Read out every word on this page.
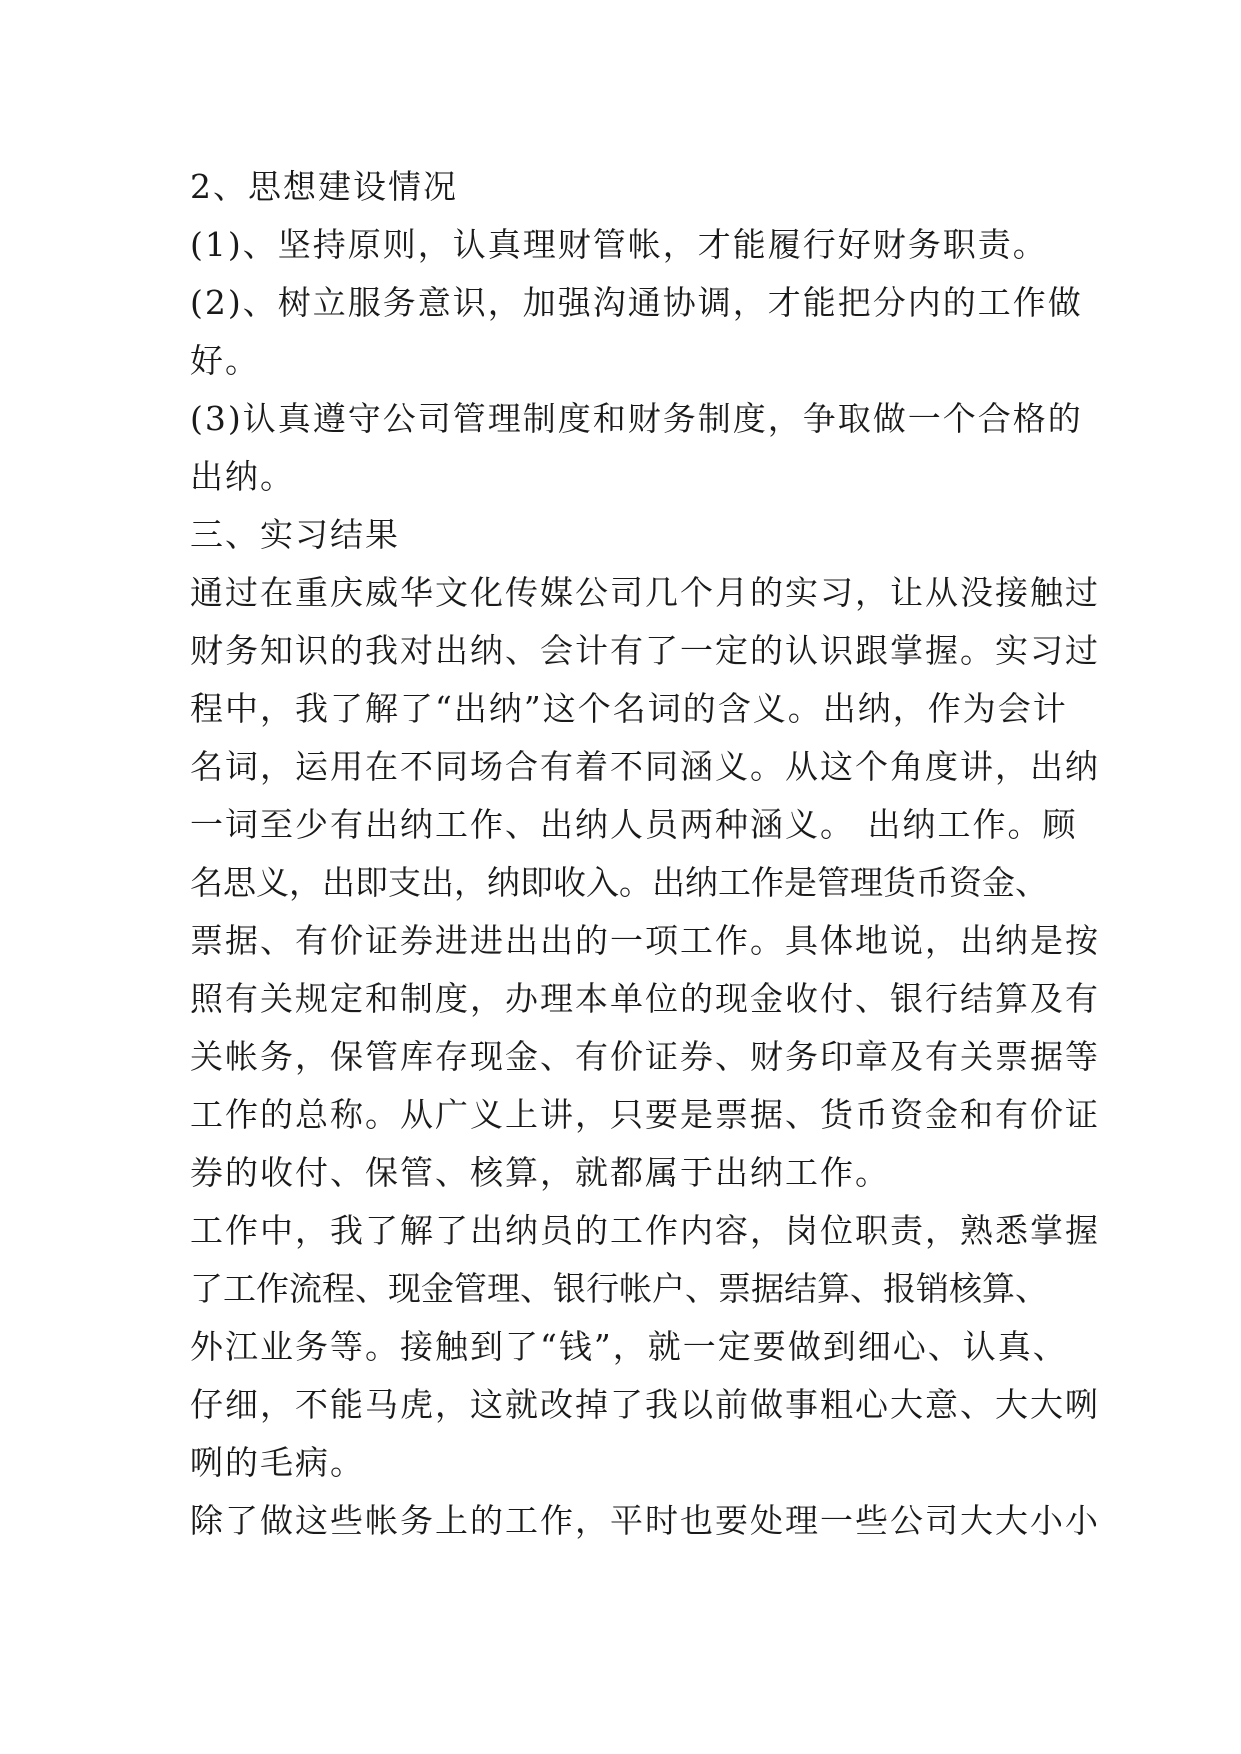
2、思想建设情况
(1)、坚持原则，认真理财管帐，才能履行好财务职责。
(2)、树立服务意识，加强沟通协调，才能把分内的工作做
好。
(3)认真遵守公司管理制度和财务制度，争取做一个合格的
出纳。
三、实习结果
通过在重庆威华文化传媒公司几个月的实习，让从没接触过
财务知识的我对出纳、会计有了一定的认识跟掌握。实习过
程中，我了解了“出纳”这个名词的含义。出纳，作为会计
名词，运用在不同场合有着不同涵义。从这个角度讲，出纳
一词至少有出纳工作、出纳人员两种涵义。 出纳工作。顾
名思义，出即支出，纳即收入。出纳工作是管理货币资金、
票据、有价证券进进出出的一项工作。具体地说，出纳是按
照有关规定和制度，办理本单位的现金收付、银行结算及有
关帐务，保管库存现金、有价证券、财务印章及有关票据等
工作的总称。从广义上讲，只要是票据、货币资金和有价证
券的收付、保管、核算，就都属于出纳工作。
工作中，我了解了出纳员的工作内容，岗位职责，熟悉掌握
了工作流程、现金管理、银行帐户、票据结算、报销核算、
外江业务等。接触到了“钱”，就一定要做到细心、认真、
仔细，不能马虎，这就改掉了我以前做事粗心大意、大大咧
咧的毛病。
除了做这些帐务上的工作，平时也要处理一些公司大大小小
